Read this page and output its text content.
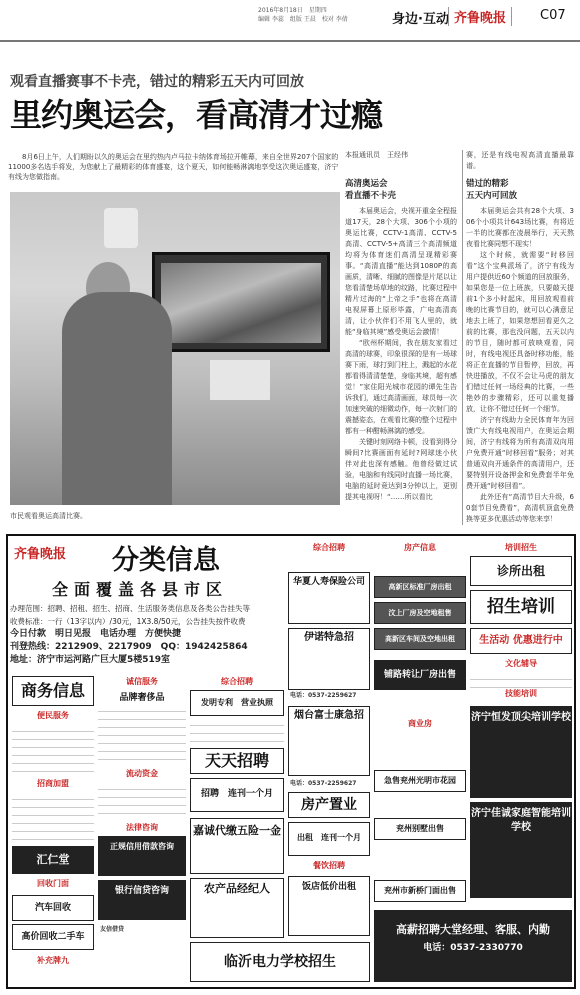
2016年8月18日　星期四
编辑 李蕊　组版 王晨　校对 李倩	身边·互动 齐鲁晚报	C07
观看直播赛事不卡壳，错过的精彩五天内可回放
里约奥运会，看高清才过瘾
8月6日上午，人们期盼以久的奥运会在里约热内卢马拉卡纳体育场拉开帷幕，来自全世界207个国家的11000多名选手将发，为您献上了最精彩的体育盛宴，这个夏天，如何能畅淋漓地享受这次奥运盛宴，济宁有线为您做指南。
市民观看奥运高清比赛。
本报通讯员　王经伟
高清奥运会
看直播不卡壳

本届奥运会，央视开重金全程报道17天，28个大项、306个小项的奥运比赛，CCTV-1高清、CCTV-5高清、CCTV-5+高清三个高清频道均将为体育迷们高清呈现精彩赛事。“高清直播”能达到1080P的高画质，清晰、细腻的图像是片尾以让您看清楚场草地的纹路，比赛过程中精片过海的“上帝之手”也将在高清电视屏幕上原形毕露，广电高清高清，让小伙伴们不用飞人里的，就能“身临其境”感受奥运会激情！

“欧州杯期间，我在朋友家看过高清的球赛，印象很深的是有一场球赛下雨，球打到门柱上，溅起的水花都看得清清楚楚，身临其境，超有感觉！”家住阳光城市花园的谭先生告诉我们，通过高清画面，球员每一次加速突破的细微动作，每一次射门的震撼姿态，在观看比赛的整个过程中都有一种酣畅淋漓的感受。

关键时刻网络卡顿，没看到得分瞬间?比赛画面有延时?网球迷小伙伴对此也深有感触。他曾经做过试验，电脑和有线同时直播一场比赛，电脑的延时竟达到3分钟以上，更别提其电视呀！“……所以看比

赛，还是有线电视高清直播最靠谱。
错过的精彩
五天内可回放

本届奥运会共有28个大项、306个小项共计643场比赛，有将近一半的比赛都在凌晨举行，天天熬夜看比赛同想不现实！

这个时候，就需要“时移回看”这个宝典派场了，济宁有线为用户提供近60个频道的回放服务，如果您是一位上班族，只要敲天提前1个多小时起床，用回放观看前晚的比赛节目的，就可以心满意足地去上班了，如果您想回看更久之前的比赛，那也没问题，五天以内的节目，随时都可放映观看，同时，有线电视还具备时移功能，能将正在直播的节目暂停，回放，再快进播放，不仅不会让马虎的朋友们错过任何一场经典的比赛，一些艳妙的步骤精彩，还可以重复播放，让你不错过任何一个细节。

济宁有线助力全民体育年为回馈广大有线电视用户，在奥运会期间，济宁有线将为所有高清双向用户免费开通“时移回看”服务；对其普通双向开通条件的高清用户，还要特别开设备押金和免费套半年免费开通“时移回看”。

此外还有“高清节目大升级，60套节目免费看”，高清机顶盒免费换等更多优惠活动等您来享！

齐鲁晚报 分类信息
全面覆盖各县市区
办理范围：招聘、招租、招生、招商、生活服务类信息及各类公告挂失等
收费标准：一行（13字以内）/30元，1X3.8/50元，公告挂失按件收费
今日付款　明日见报　电话办理　方便快捷
刊登热线：2212909、2217909　QQ：1942425864
地址：济宁市运河路广巨大厦5楼519室
商务信息
便民服务
招商加盟
汇仁堂
回收门面
汽车回收
高价回收二手车
补充牌九
诚信服务
品牌奢侈品
流动资金
法律咨询
正规信用借款咨询
银行信贷咨询
友信借贷
综合招聘
发明专利　营业执照
天天招聘
招聘　连刊一个月　
嘉诚代缴五险一金
农产品经纪人
临沂电力学校招生
综合招聘
华夏人寿保险公司
伊诺特急招
电话：0537-2259627
烟台富士康急招
电话：0537-2259627
房产置业
出租　连刊一个月　
餐饮招聘
饭店低价出租
房产信息
高新区标准厂房出租
汶上厂房及空地租售
高新区车间及空地出租
铺路转让厂房出售
商业房
急售兖州光明市花园
兖州别墅出售
兖州市新桥门面出售
培训招生
诊所出租
招生培训
生活动 优惠进行中
文化辅导
济宁恒发顶尖培训学校
技能培训
济宁佳诚家庭智能培训学校
高薪招聘大堂经理、客服、内勤
电话：0537-2330770
